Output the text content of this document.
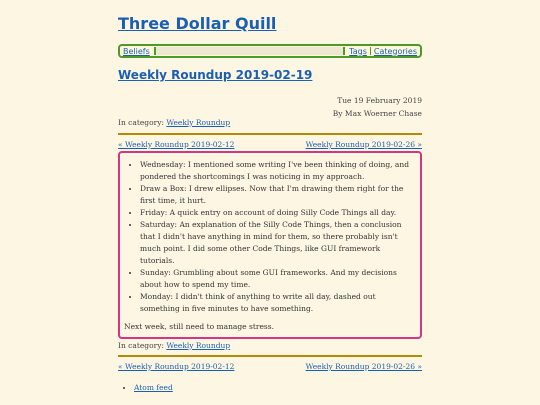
Three Dollar Quill
Beliefs	Tags Categories
Weekly Roundup 2019-02-19
Tue 19 February 2019
By Max Woerner Chase
In category: Weekly Roundup
« Weekly Roundup 2019-02-12	Weekly Roundup 2019-02-26 »
• Wednesday: I mentioned some writing I've been thinking of doing, and pondered the shortcomings I was noticing in my approach.
• Draw a Box: I drew ellipses. Now that I'm drawing them right for the first time, it hurt.
• Friday: A quick entry on account of doing Silly Code Things all day.
• Saturday: An explanation of the Silly Code Things, then a conclusion that I didn't have anything in mind for them, so there probably isn't much point. I did some other Code Things, like GUI framework tutorials.
• Sunday: Grumbling about some GUI frameworks. And my decisions about how to spend my time.
• Monday: I didn't think of anything to write all day, dashed out something in five minutes to have something.

Next week, still need to manage stress.

In category: Weekly Roundup
« Weekly Roundup 2019-02-12	Weekly Roundup 2019-02-26 »
• Atom feed
